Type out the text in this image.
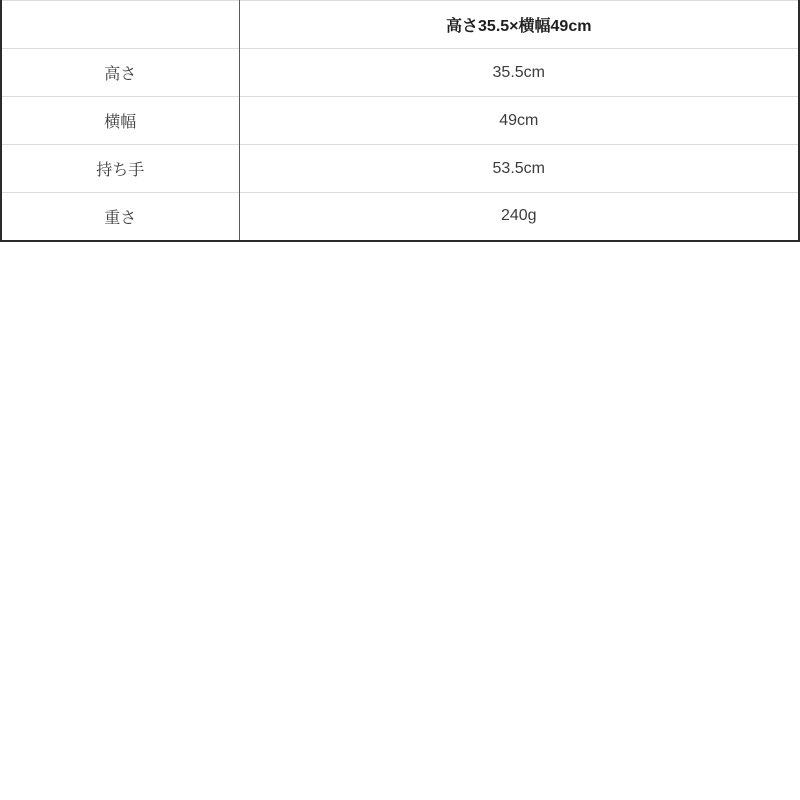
	高さ35.5×横幅49cm
高さ	35.5cm
横幅	49cm
持ち手	53.5cm
重さ	240g
